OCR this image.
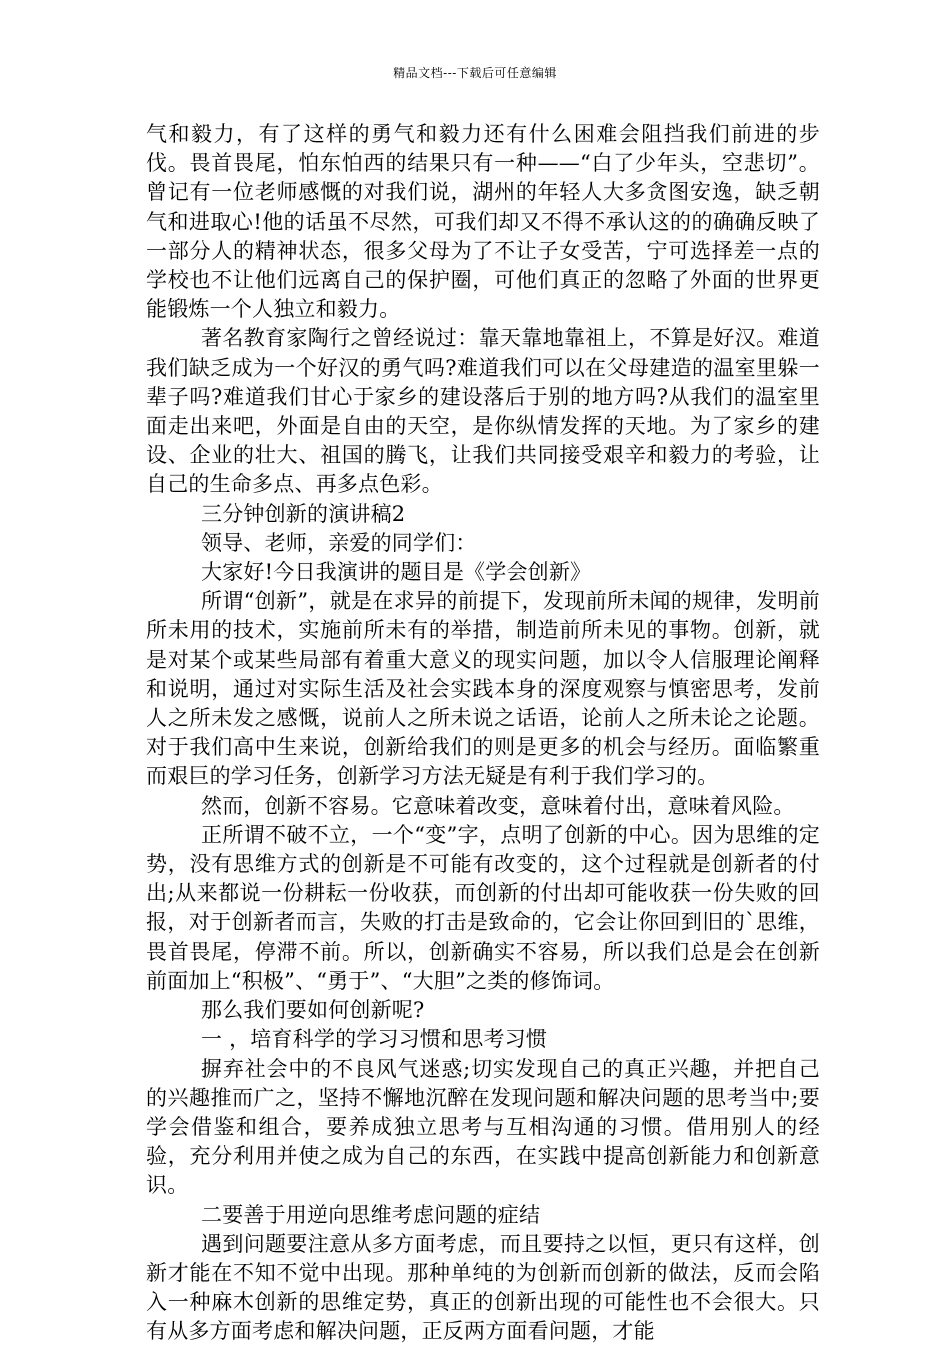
精品文档---下载后可任意编辑

气和毅力，有了这样的勇气和毅力还有什么困难会阻挡我们前进的步伐。畏首畏尾，怕东怕西的结果只有一种——“白了少年头，空悲切”。曾记有一位老师感慨的对我们说，湖州的年轻人大多贪图安逸，缺乏朝气和进取心!他的话虽不尽然，可我们却又不得不承认这的的确确反映了一部分人的精神状态，很多父母为了不让子女受苦，宁可选择差一点的学校也不让他们远离自己的保护圈，可他们真正的忽略了外面的世界更能锻炼一个人独立和毅力。

著名教育家陶行之曾经说过：靠天靠地靠祖上，不算是好汉。难道我们缺乏成为一个好汉的勇气吗?难道我们可以在父母建造的温室里躲一辈子吗?难道我们甘心于家乡的建设落后于别的地方吗?从我们的温室里面走出来吧，外面是自由的天空，是你纵情发挥的天地。为了家乡的建设、企业的壮大、祖国的腾飞，让我们共同接受艰辛和毅力的考验，让自己的生命多点、再多点色彩。

三分钟创新的演讲稿2

领导、老师，亲爱的同学们：

大家好!今日我演讲的题目是《学会创新》

所谓“创新”，就是在求异的前提下，发现前所未闻的规律，发明前所未用的技术，实施前所未有的举措，制造前所未见的事物。创新，就是对某个或某些局部有着重大意义的现实问题，加以令人信服理论阐释和说明，通过对实际生活及社会实践本身的深度观察与慎密思考，发前人之所未发之感慨，说前人之所未说之话语，论前人之所未论之论题。对于我们高中生来说，创新给我们的则是更多的机会与经历。面临繁重而艰巨的学习任务，创新学习方法无疑是有利于我们学习的。

然而，创新不容易。它意味着改变，意味着付出，意味着风险。

正所谓不破不立，一个“变”字，点明了创新的中心。因为思维的定势，没有思维方式的创新是不可能有改变的，这个过程就是创新者的付出;从来都说一份耕耘一份收获，而创新的付出却可能收获一份失败的回报，对于创新者而言，失败的打击是致命的，它会让你回到旧的`思维，畏首畏尾，停滞不前。所以，创新确实不容易，所以我们总是会在创新前面加上“积极”、“勇于”、“大胆”之类的修饰词。

那么我们要如何创新呢?

一 ，培育科学的学习习惯和思考习惯

摒弃社会中的不良风气迷惑;切实发现自己的真正兴趣，并把自己的兴趣推而广之，坚持不懈地沉醉在发现问题和解决问题的思考当中;要学会借鉴和组合，要养成独立思考与互相沟通的习惯。借用别人的经验，充分利用并使之成为自己的东西，在实践中提高创新能力和创新意识。

二要善于用逆向思维考虑问题的症结

遇到问题要注意从多方面考虑，而且要持之以恒，更只有这样，创新才能在不知不觉中出现。那种单纯的为创新而创新的做法，反而会陷入一种麻木创新的思维定势，真正的创新出现的可能性也不会很大。只有从多方面考虑和解决问题，正反两方面看问题，才能
